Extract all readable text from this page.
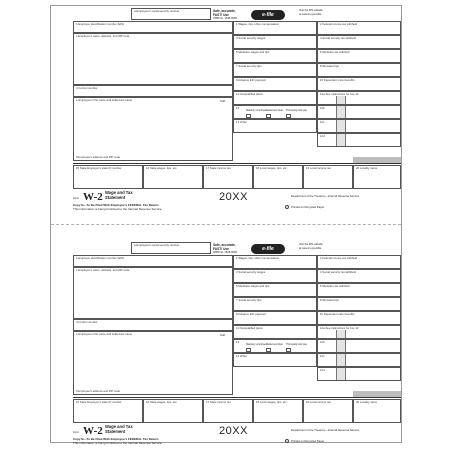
a Employee's social security number	Safe, accurate,
FAST! Use
OMB No. 1545-0008
e-file
Visit the IRS website
at www.irs.gov/efile
b Employer identification number (EIN)
c Employer's name, address, and ZIP code
d Control number
e Employee's first name and initial Last name	Suff.
f Employee's address and ZIP code
1 Wages, tips, other compensation	2 Federal income tax withheld
3 Social security wages	4 Social security tax withheld
5 Medicare wages and tips	6 Medicare tax withheld
7 Social security tips	8 Allocated tips
9 Advance EIC payment	10 Dependent care benefits
11 Nonqualified plans	12a See instructions for box 12
13
Statutory employee Retirement plan Third-party sick pay
14 Other
12b
12c
12d
15 State Employer's state ID number	16 State wages, tips, etc.	17 State income tax	18 Local wages, tips, etc.	19 Local income tax	20 Locality name
Form W-2 Wage and Tax
Statement	20XX	Department of the Treasury—Internal Revenue Service
Copy B—To Be Filed With Employee's FEDERAL Tax Return.
This information is being furnished to the Internal Revenue Service.	Printed on Recycled Paper
a Employee's social security number	Safe, accurate,
FAST! Use
OMB No. 1545-0008
e-file
Visit the IRS website
at www.irs.gov/efile
b Employer identification number (EIN)
c Employer's name, address, and ZIP code
d Control number
e Employee's first name and initial Last name	Suff.
f Employee's address and ZIP code
1 Wages, tips, other compensation	2 Federal income tax withheld
3 Social security wages	4 Social security tax withheld
5 Medicare wages and tips	6 Medicare tax withheld
7 Social security tips	8 Allocated tips
9 Advance EIC payment	10 Dependent care benefits
11 Nonqualified plans	12a See instructions for box 12
13
Statutory employee Retirement plan Third-party sick pay
14 Other
12b
12c
12d
15 State Employer's state ID number	16 State wages, tips, etc.	17 State income tax	18 Local wages, tips, etc.	19 Local income tax	20 Locality name
Form W-2 Wage and Tax
Statement	20XX	Department of the Treasury—Internal Revenue Service
Copy B—To Be Filed With Employee's FEDERAL Tax Return.
This information is being furnished to the Internal Revenue Service.	Printed on Recycled Paper
